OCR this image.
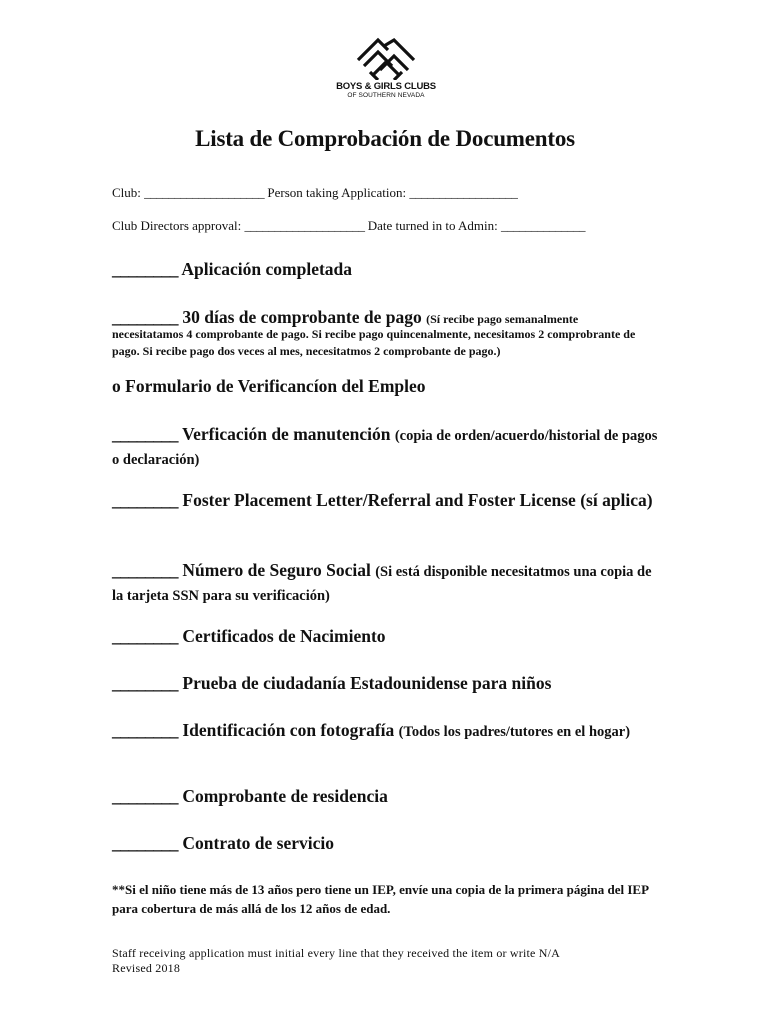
BOYS & GIRLS CLUBS
OF SOUTHERN NEVADA
Lista de Comprobación de Documentos
Club: ____________________ Person taking Application: __________________
Club Directors approval: ____________________ Date turned in to Admin: ______________
________ Aplicación completada
________ 30 días de comprobante de pago (Sí recibe pago semanalmente
necesitatamos 4 comprobante de pago. Si recibe pago quincenalmente, necesitamos 2 comprobrante de pago. Si recibe pago dos veces al mes, necesitatmos 2 comprobante de pago.)
o Formulario de Verificancíon del Empleo
________ Verficación de manutención (copia de orden/acuerdo/historial de pagos o declaración)
________ Foster Placement Letter/Referral and Foster License (sí aplica)
________ Número de Seguro Social (Si está disponible necesitatmos una copia de la tarjeta SSN para su verificación)
________ Certificados de Nacimiento
________ Prueba de ciudadanía Estadounidense para niños
________ Identificación con fotografía (Todos los padres/tutores en el hogar)
________ Comprobante de residencia
________ Contrato de servicio
**Si el niño tiene más de 13 años pero tiene un IEP, envíe una copia de la primera página del IEP para cobertura de más allá de los 12 años de edad.
Staff receiving application must initial every line that they received the item or write N/A
Revised 2018
